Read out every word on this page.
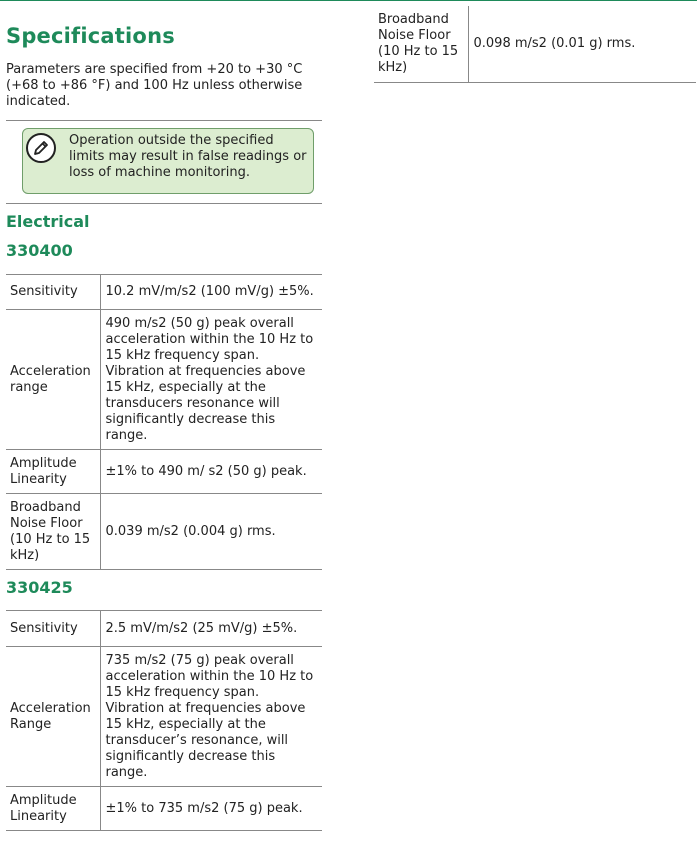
Specifications

Parameters are specified from +20 to +30 °C (+68 to +86 °F) and 100 Hz unless otherwise indicated.

Operation outside the specified limits may result in false readings or loss of machine monitoring.
Electrical
330400
Sensitivity	10.2 mV/m/s2 (100 mV/g) ±5%.
Acceleration range	490 m/s2 (50 g) peak overall acceleration within the 10 Hz to 15 kHz frequency span. Vibration at frequencies above 15 kHz, especially at the transducers resonance will significantly decrease this range.
Amplitude Linearity	±1% to 490 m/ s2 (50 g) peak.
Broadband Noise Floor (10 Hz to 15 kHz)	0.039 m/s2 (0.004 g) rms.
330425
Sensitivity	2.5 mV/m/s2 (25 mV/g) ±5%.
Acceleration Range	735 m/s2 (75 g) peak overall acceleration within the 10 Hz to 15 kHz frequency span. Vibration at frequencies above 15 kHz, especially at the transducer’s resonance, will significantly decrease this range.
Amplitude Linearity	±1% to 735 m/s2 (75 g) peak.
Broadband Noise Floor (10 Hz to 15 kHz)	0.098 m/s2 (0.01 g) rms.
